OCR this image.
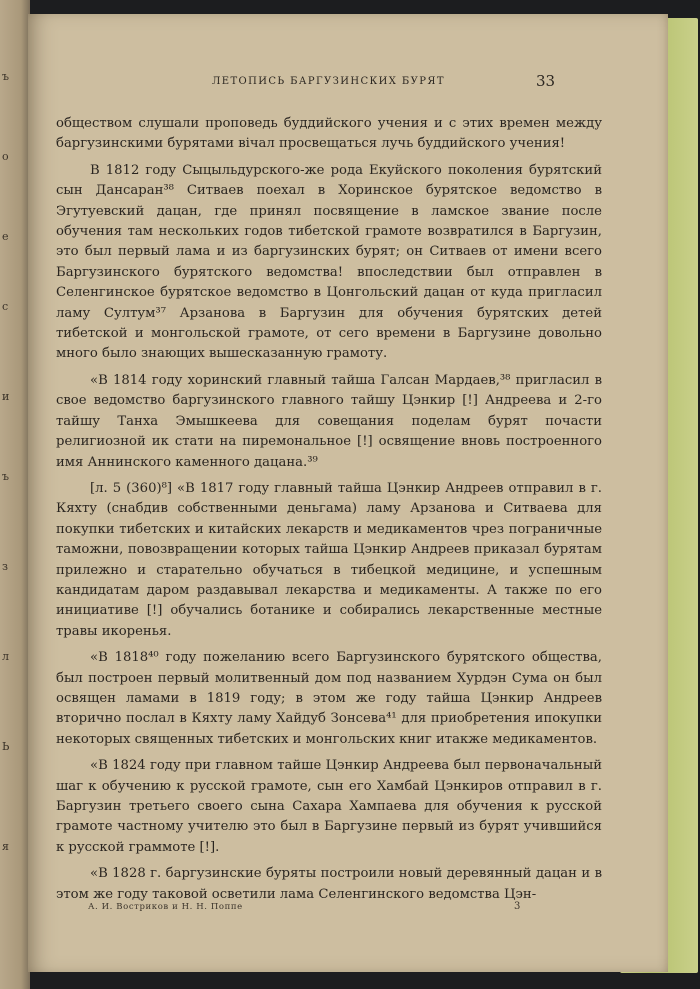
ъ
о
е
с
и
ъ
з
л
Ь
я
ЛЕТОПИСЬ БАРГУЗИНСКИХ БУРЯТ	33

обществом слушали проповедь буддийского учения и с этих времен между баргузинскими бурятами вiчал просвещаться лучь буддийского учения!

В 1812 году Сыцыльдурского-же рода Екуйского поколения бурятский сын Дансаран³⁸ Ситваев поехал в Хоринское бурятское ведомство в Эгутуевский дацан, где принял посвящение в ламское звание после обучения там нескольких годов тибетской грамоте возвратился в Баргузин, это был первый лама и из баргузинских бурят; он Ситваев от имени всего Баргузинского бурятского ведомства! впоследствии был отправлен в Селенгинское бурятское ведомство в Цонгольский дацан от куда пригласил ламу Султум³⁷ Арзанова в Баргузин для обучения бурятских детей тибетской и монгольской грамоте, от сего времени в Баргузине довольно много было знающих вышесказанную грамоту.

«В 1814 году хоринский главный тайша Галсан Мардаев,³⁸ пригласил в свое ведомство баргузинского главного тайшу Цэнкир [!] Андреева и 2-го тайшу Танха Эмышкеева для совещания поделам бурят почасти религиозной ик стати на пиремональное [!] освящение вновь построенного имя Аннинского каменного дацана.³⁹

[л. 5 (360)⁸] «В 1817 году главный тайша Цэнкир Андреев отправил в г. Кяхту (снабдив собственными деньгама) ламу Арзанова и Ситваева для покупки тибетских и китайских лекарств и медикаментов чрез пограничные таможни, повозвращении которых тайша Цэнкир Андреев приказал бурятам прилежно и старательно обучаться в тибецкой медицине, и успешным кандидатам даром раздавывал лекарства и медикаменты. А также по его инициативе [!] обучались ботанике и собирались лекарственные местные травы икоренья.

«В 1818⁴⁰ году пожеланию всего Баргузинского бурятского общества, был построен первый молитвенный дом под названием Хурдэн Сума он был освящен ламами в 1819 году; в этом же году тайша Цэнкир Андреев вторично послал в Кяхту ламу Хайдуб Зонсева⁴¹ для приобретения ипокупки некоторых священных тибетских и монгольских книг итакже медикаментов.

«В 1824 году при главном тайше Цэнкир Андреева был первоначальный шаг к обучению к русской грамоте, сын его Хамбай Цэнкиров отправил в г. Баргузин третьего своего сына Сахара Хампаева для обучения к русской грамоте частному учителю это был в Баргузине первый из бурят учившийся к русской граммоте [!].

«В 1828 г. баргузинские буряты построили новый деревянный дацан и в этом же году таковой осветили лама Селенгинского ведомства Цэн-

А. И. Востриков и Н. Н. Поппе	3
